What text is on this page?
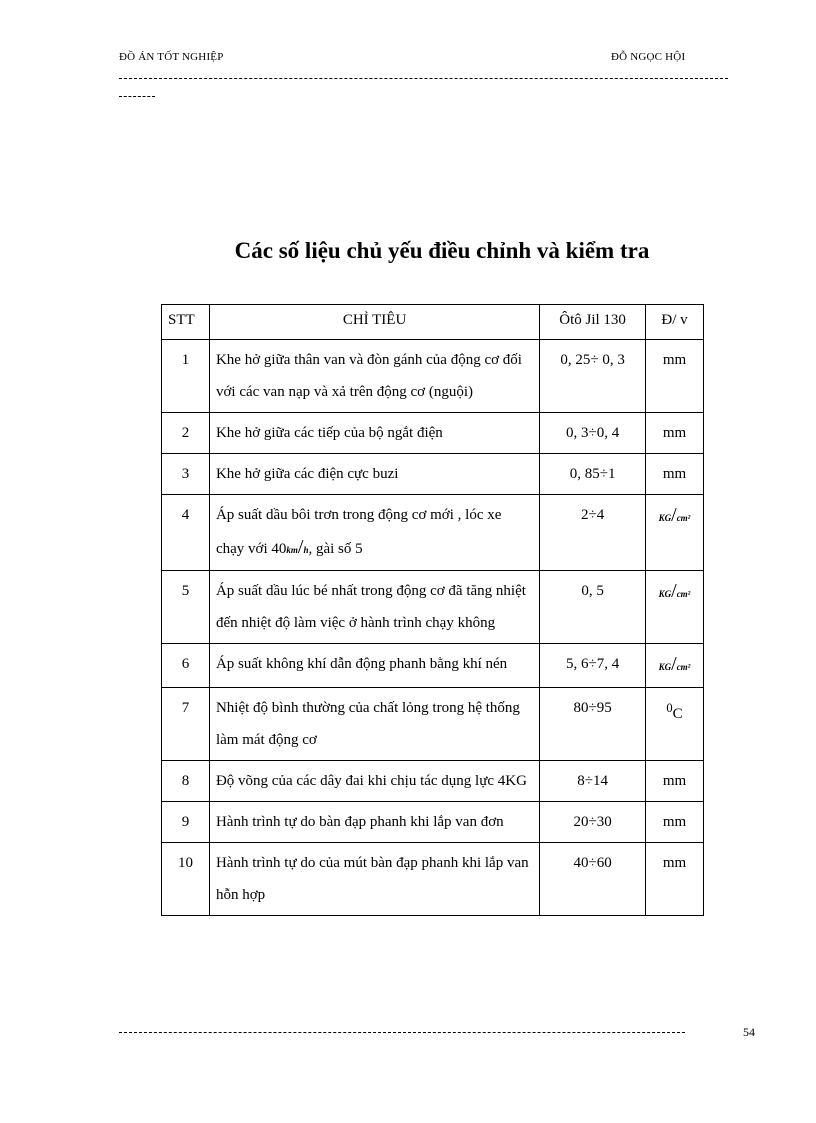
ĐỒ ÁN TỐT NGHIỆP	ĐỖ NGỌC HỘI
Các số liệu chủ yếu điều chỉnh và kiểm tra
STT	CHỈ TIÊU	Ôtô Jil 130	Đ/ v
1	Khe hở giữa thân van và đòn gánh của động cơ đối với các van nạp và xả trên động cơ (nguội)	0, 25÷ 0, 3	mm
2	Khe hở giữa các tiếp của bộ ngắt điện	0, 3÷0, 4	mm
3	Khe hở giữa các điện cực buzi	0, 85÷1	mm
4	Áp suất dầu bôi trơn trong động cơ mới , lóc xe chạy với 40km/h, gài số 5	2÷4	KG/cm²
5	Áp suất dầu lúc bé nhất trong động cơ đã tăng nhiệt đến nhiệt độ làm việc ở hành trình chạy không	0, 5	KG/cm²
6	Áp suất không khí dẫn động phanh bằng khí nén	5, 6÷7, 4	KG/cm²
7	Nhiệt độ bình thường của chất lỏng trong hệ thống làm mát động cơ	80÷95	$^0$C
8	Độ võng của các dây đai khi chịu tác dụng lực 4KG	8÷14	mm
9	Hành trình tự do bàn đạp phanh khi lắp van đơn	20÷30	mm
10	Hành trình tự do của mút bàn đạp phanh khi lắp van hỗn hợp	40÷60	mm
54
